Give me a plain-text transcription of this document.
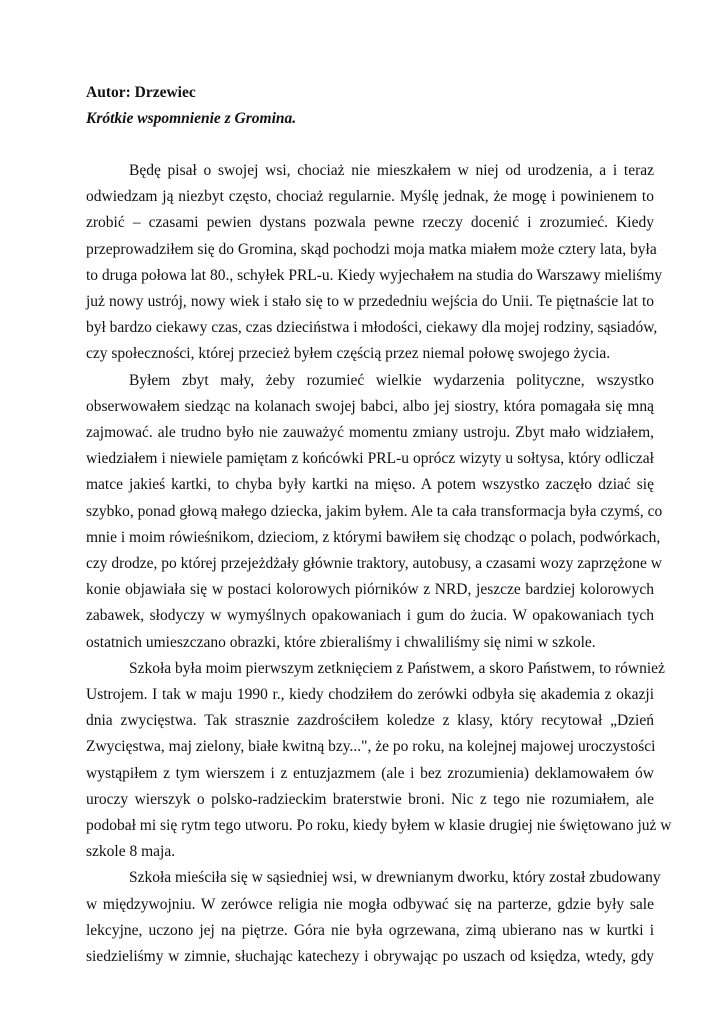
Autor: Drzewiec

Krótkie wspomnienie z Gromina.

Będę pisał o swojej wsi, chociaż nie mieszkałem w niej od urodzenia, a i teraz
odwiedzam ją niezbyt często, chociaż regularnie. Myślę jednak, że mogę i powinienem to
zrobić – czasami pewien dystans pozwala pewne rzeczy docenić i zrozumieć. Kiedy
przeprowadziłem się do Gromina, skąd pochodzi moja matka miałem może cztery lata, była
to druga połowa lat 80., schyłek PRL-u. Kiedy wyjechałem na studia do Warszawy mieliśmy
już nowy ustrój, nowy wiek i stało się to w przededniu wejścia do Unii. Te piętnaście lat to
był bardzo ciekawy czas, czas dzieciństwa i młodości, ciekawy dla mojej rodziny, sąsiadów,
czy społeczności, której przecież byłem częścią przez niemal połowę swojego życia.

Byłem zbyt mały, żeby rozumieć wielkie wydarzenia polityczne, wszystko
obserwowałem siedząc na kolanach swojej babci, albo jej siostry, która pomagała się mną
zajmować. ale trudno było nie zauważyć momentu zmiany ustroju. Zbyt mało widziałem,
wiedziałem i niewiele pamiętam z końcówki PRL-u oprócz wizyty u sołtysa, który odliczał
matce jakieś kartki, to chyba były kartki na mięso. A potem wszystko zaczęło dziać się
szybko, ponad głową małego dziecka, jakim byłem. Ale ta cała transformacja była czymś, co
mnie i moim rówieśnikom, dzieciom, z którymi bawiłem się chodząc o polach, podwórkach,
czy drodze, po której przejeżdżały głównie traktory, autobusy, a czasami wozy zaprzężone w
konie objawiała się w postaci kolorowych piórników z NRD, jeszcze bardziej kolorowych
zabawek, słodyczy w wymyślnych opakowaniach i gum do żucia. W opakowaniach tych
ostatnich umieszczano obrazki, które zbieraliśmy i chwaliliśmy się nimi w szkole.

Szkoła była moim pierwszym zetknięciem z Państwem, a skoro Państwem, to również
Ustrojem. I tak w maju 1990 r., kiedy chodziłem do zerówki odbyła się akademia z okazji
dnia zwycięstwa. Tak strasznie zazdrościłem koledze z klasy, który recytował „Dzień
Zwycięstwa, maj zielony, białe kwitną bzy...", że po roku, na kolejnej majowej uroczystości
wystąpiłem z tym wierszem i z entuzjazmem (ale i bez zrozumienia) deklamowałem ów
uroczy wierszyk o polsko-radzieckim braterstwie broni. Nic z tego nie rozumiałem, ale
podobał mi się rytm tego utworu. Po roku, kiedy byłem w klasie drugiej nie świętowano już w
szkole 8 maja.

Szkoła mieściła się w sąsiedniej wsi, w drewnianym dworku, który został zbudowany
w międzywojniu. W zerówce religia nie mogła odbywać się na parterze, gdzie były sale
lekcyjne, uczono jej na piętrze. Góra nie była ogrzewana, zimą ubierano nas w kurtki i
siedzieliśmy w zimnie, słuchając katechezy i obrywając po uszach od księdza, wtedy, gdy
